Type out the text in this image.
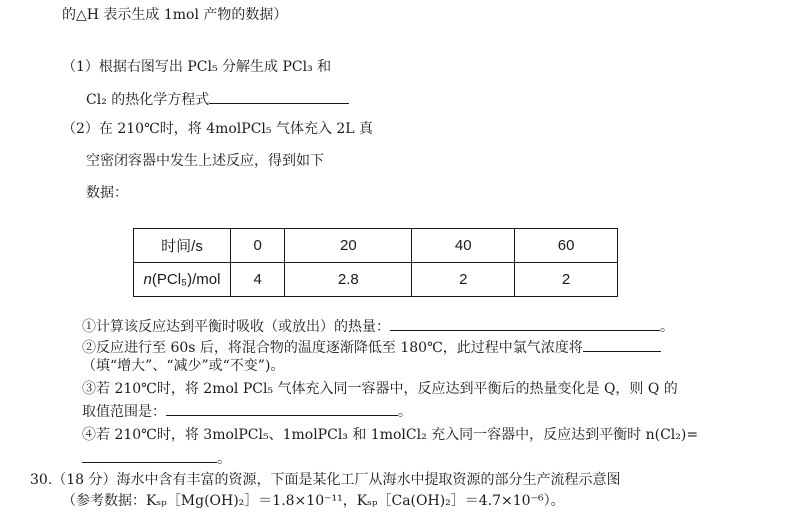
的△H 表示生成 1mol 产物的数据）
（1）根据右图写出 PCl₅ 分解生成 PCl₃ 和
Cl₂ 的热化学方程式
（2）在 210℃时，将 4molPCl₅ 气体充入 2L 真
空密闭容器中发生上述反应，得到如下
数据：
时间/s	0	20	40	60
n(PCl₅)/mol	4	2.8	2	2
①计算该反应达到平衡时吸收（或放出）的热量：	。
②反应进行至 60s 后，将混合物的温度逐渐降低至 180℃，此过程中氯气浓度将
（填“增大”、“减少”或“不变”)。
③若 210℃时，将 2mol PCl₅ 气体充入同一容器中，反应达到平衡后的热量变化是 Q，则 Q 的
取值范围是：	。
④若 210℃时，将 3molPCl₅、1molPCl₃ 和 1molCl₂ 充入同一容器中，反应达到平衡时 n(Cl₂)=
。
30.（18 分）海水中含有丰富的资源，下面是某化工厂从海水中提取资源的部分生产流程示意图
（参考数据：Kₛₚ［Mg(OH)₂］＝1.8×10⁻¹¹，Kₛₚ［Ca(OH)₂］＝4.7×10⁻⁶）。
